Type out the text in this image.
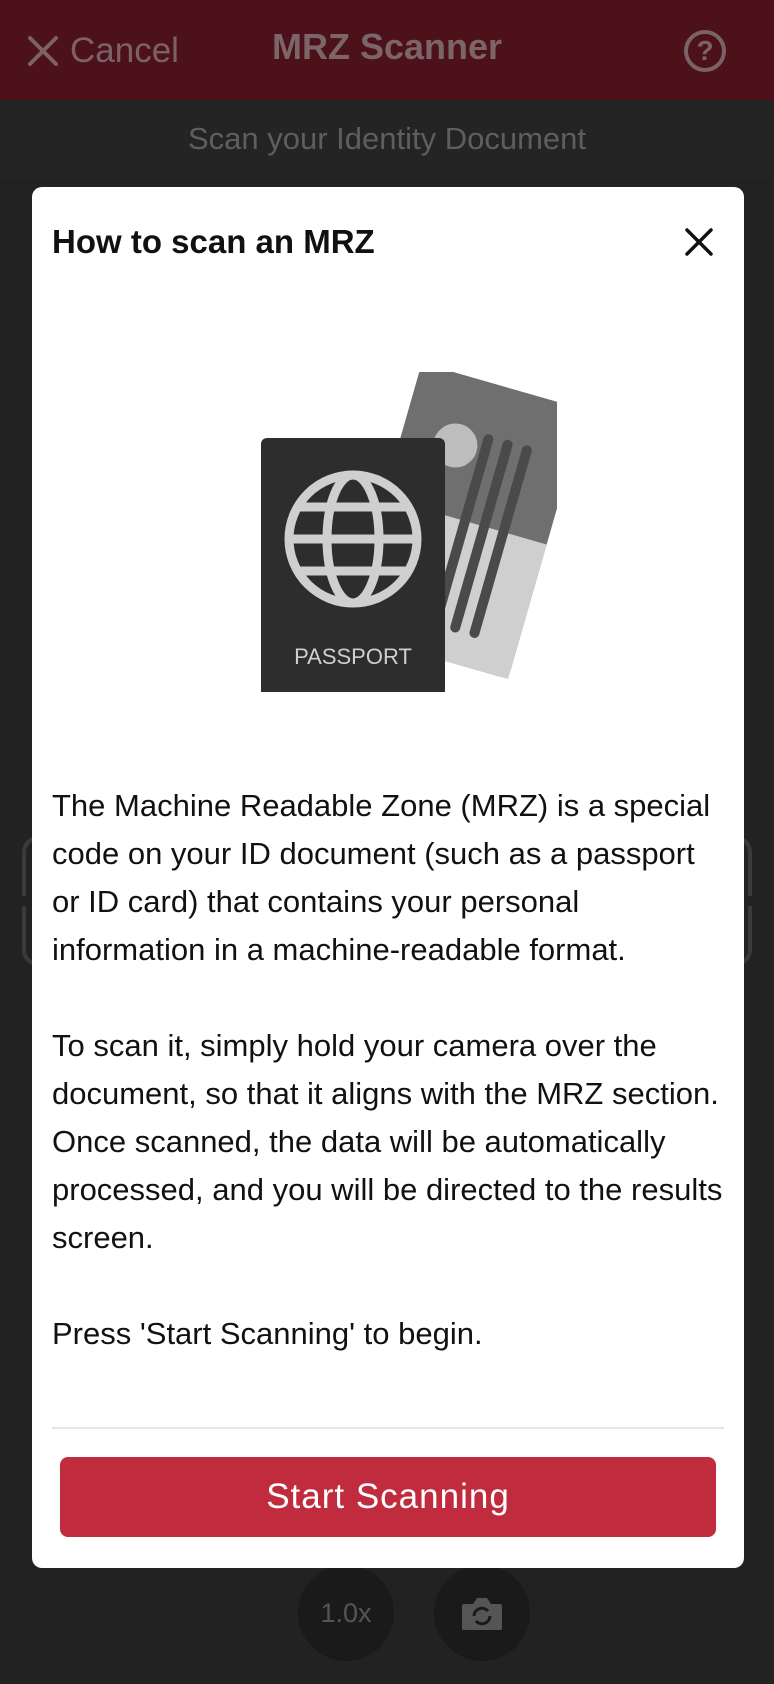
Cancel	MRZ Scanner	?
Scan your Identity Document
1.0x
How to scan an MRZ
PASSPORT

The Machine Readable Zone (MRZ) is a special code on your ID document (such as a passport or ID card) that contains your personal information in a machine-readable format.

To scan it, simply hold your camera over the document, so that it aligns with the MRZ section. Once scanned, the data will be automatically processed, and you will be directed to the results screen.

Press 'Start Scanning' to begin.

Start Scanning
